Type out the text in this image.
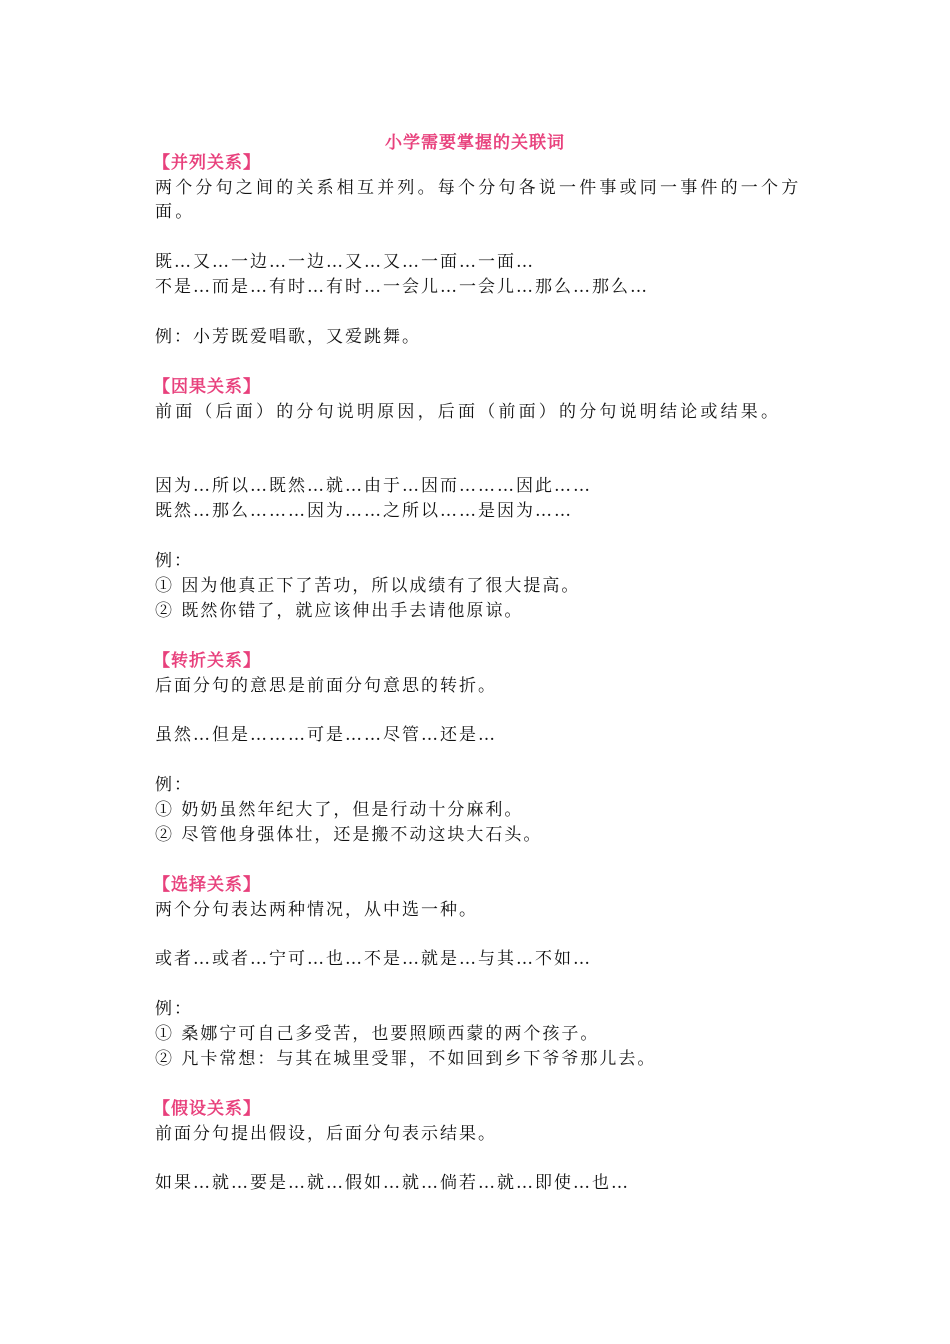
小学需要掌握的关联词
【并列关系】
两个分句之间的关系相互并列。每个分句各说一件事或同一事件的一个方面。
既…又…一边…一边…又…又…一面…一面…
不是…而是…有时…有时…一会儿…一会儿…那么…那么…
例：小芳既爱唱歌，又爱跳舞。
【因果关系】
前面（后面）的分句说明原因，后面（前面）的分句说明结论或结果。
因为…所以…既然…就…由于…因而………因此……
既然…那么………因为……之所以……是因为……
例：
① 因为他真正下了苦功，所以成绩有了很大提高。
② 既然你错了，就应该伸出手去请他原谅。
【转折关系】
后面分句的意思是前面分句意思的转折。
虽然…但是………可是……尽管…还是…
例：
① 奶奶虽然年纪大了，但是行动十分麻利。
② 尽管他身强体壮，还是搬不动这块大石头。
【选择关系】
两个分句表达两种情况，从中选一种。
或者…或者…宁可…也…不是…就是…与其…不如…
例：
① 桑娜宁可自己多受苦，也要照顾西蒙的两个孩子。
② 凡卡常想：与其在城里受罪，不如回到乡下爷爷那儿去。
【假设关系】
前面分句提出假设，后面分句表示结果。
如果…就…要是…就…假如…就…倘若…就…即使…也…
